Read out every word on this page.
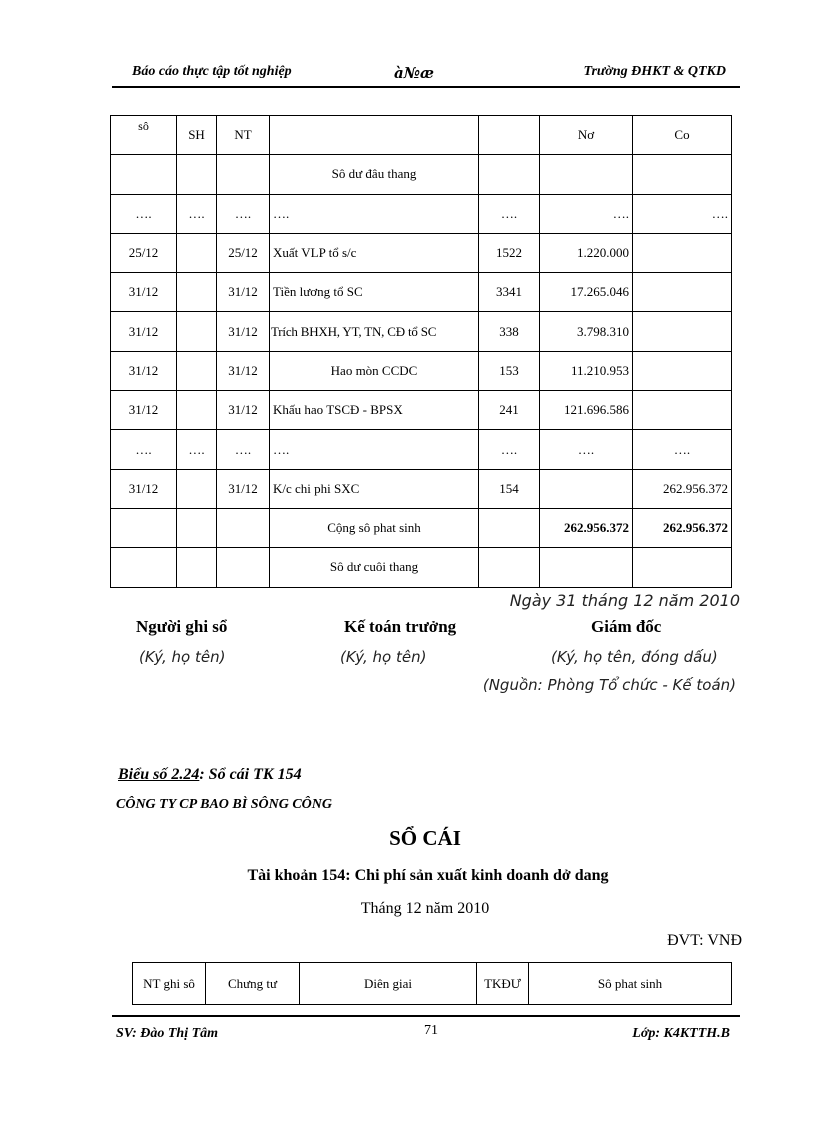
Báo cáo thực tập tốt nghiệp	à№æ	Trường ĐHKT & QTKD
sô	SH	NT			Nơ	Co
			Sô dư đâu thang			
….	….	….	….	….	….	….
25/12		25/12	Xuất VLP tổ s/c	1522	1.220.000	
31/12		31/12	Tiền lương tổ SC	3341	17.265.046	
31/12		31/12	Trích BHXH, YT, TN, CĐ tổ SC	338	3.798.310	
31/12		31/12	Hao mòn CCDC	153	11.210.953	
31/12		31/12	Khấu hao TSCĐ - BPSX	241	121.696.586	
….	….	….	….	….	….	….
31/12		31/12	K/c chi phi SXC	154		262.956.372
			Cộng sô phat sinh		262.956.372	262.956.372
			Sô dư cuôi thang			
Ngày 31 tháng 12 năm 2010
Người ghi sổ	Kế toán trưởng	Giám đốc
(Ký, họ tên)	(Ký, họ tên)	(Ký, họ tên, đóng dấu)
(Nguồn: Phòng Tổ chức - Kế toán)
Biểu số 2.24: Sổ cái TK 154
CÔNG TY CP BAO BÌ SÔNG CÔNG
SỔ CÁI
Tài khoản 154: Chi phí sản xuất kinh doanh dở dang
Tháng 12 năm 2010
ĐVT: VNĐ
NT ghi sô	Chưng tư	Diên giai	TKĐƯ	Sô phat sinh
SV: Đào Thị Tâm	71	Lớp: K4KTTH.B
